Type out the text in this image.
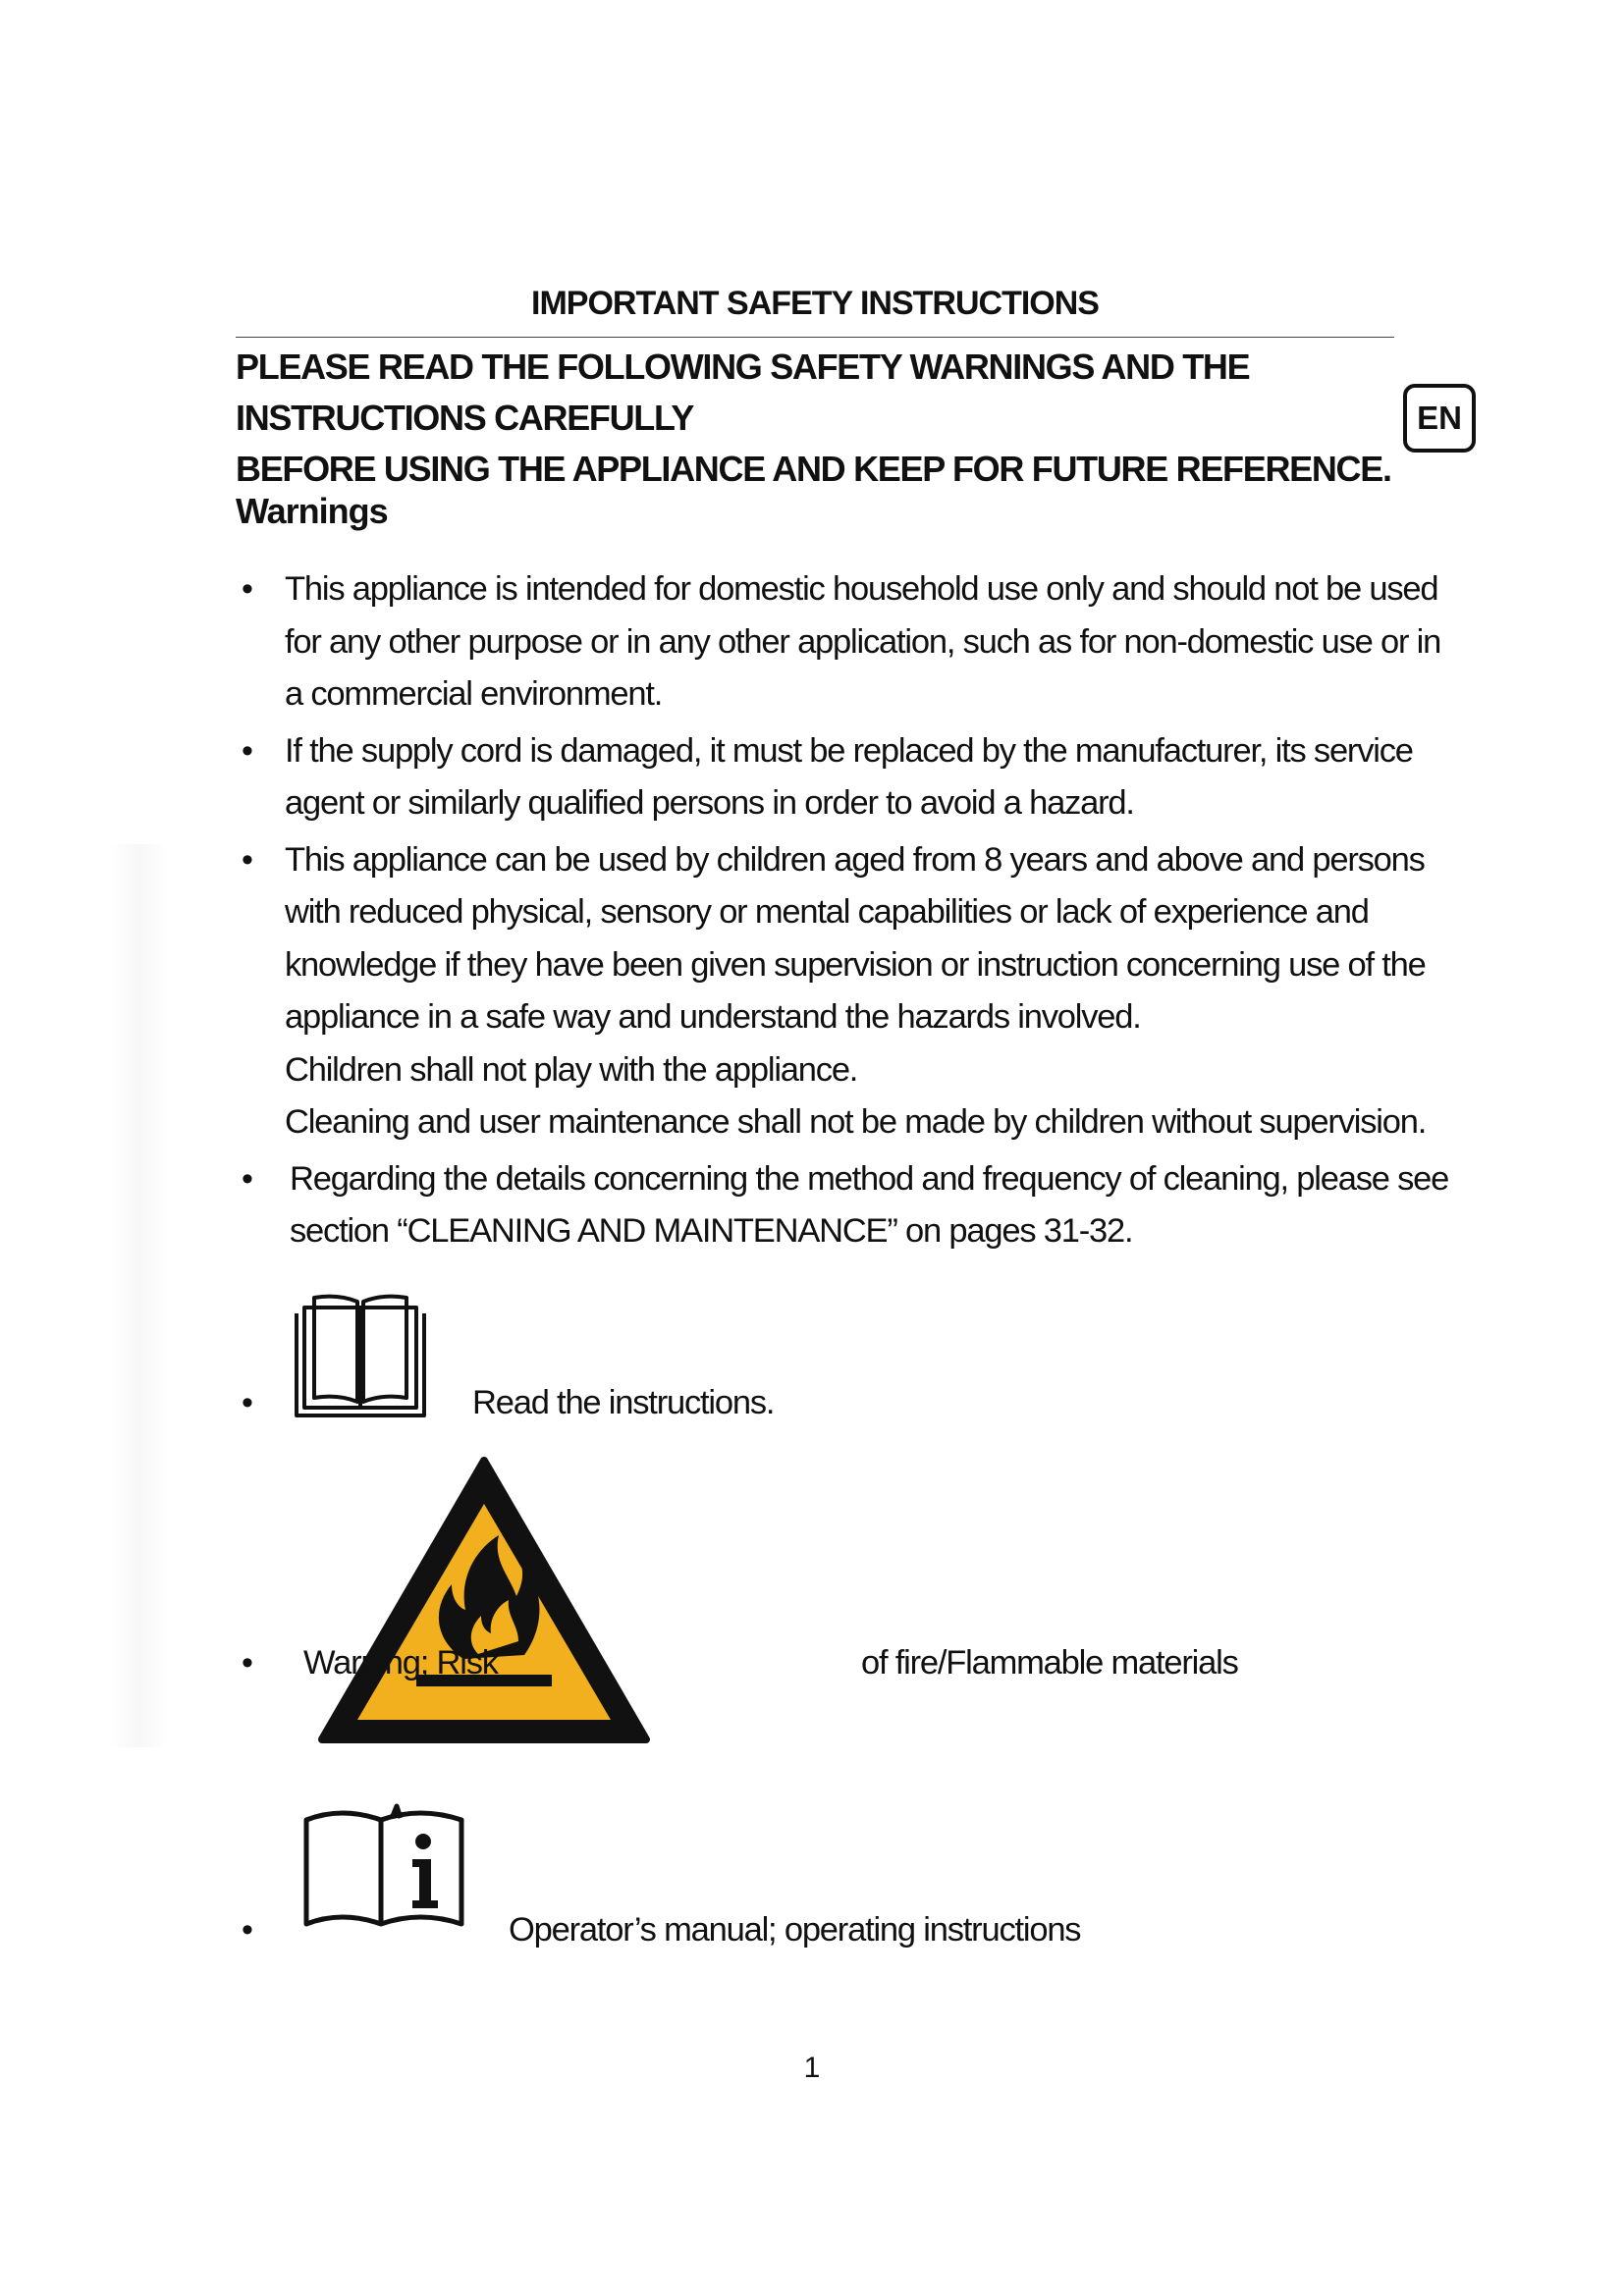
IMPORTANT SAFETY INSTRUCTIONS
PLEASE READ THE FOLLOWING SAFETY WARNINGS AND THE INSTRUCTIONS CAREFULLY
BEFORE USING THE APPLIANCE AND KEEP FOR FUTURE REFERENCE.
EN
Warnings
• This appliance is intended for domestic household use only and should not be used
for any other purpose or in any other application, such as for non-domestic use or in
a commercial environment.
• If the supply cord is damaged, it must be replaced by the manufacturer, its service
agent or similarly qualified persons in order to avoid a hazard.
• This appliance can be used by children aged from 8 years and above and persons
with reduced physical, sensory or mental capabilities or lack of experience and
knowledge if they have been given supervision or instruction concerning use of the
appliance in a safe way and understand the hazards involved.
Children shall not play with the appliance.
Cleaning and user maintenance shall not be made by children without supervision.
• Regarding the details concerning the method and frequency of cleaning, please see
section “CLEANING AND MAINTENANCE” on pages 31-32.
•	Read the instructions.
• Warning; Risk	of fire/Flammable materials
•	Operator’s manual; operating instructions
1
